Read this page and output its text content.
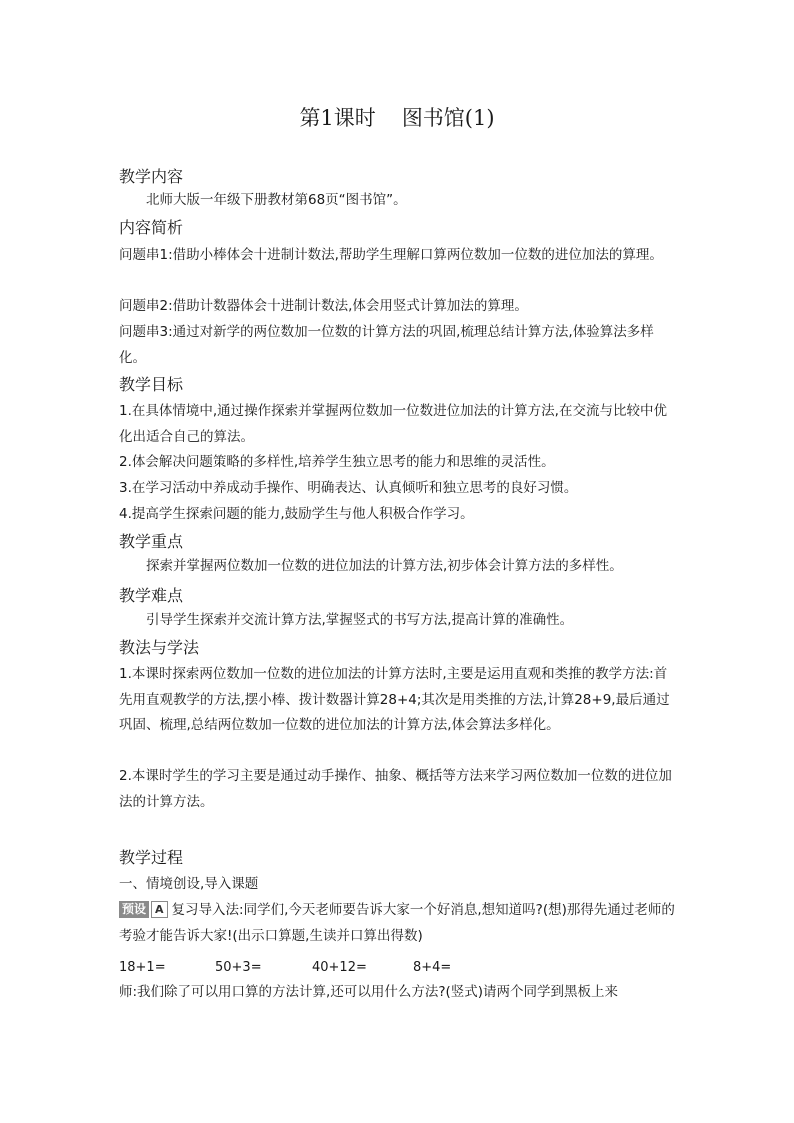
第1课时 图书馆(1)
教学内容

北师大版一年级下册教材第68页“图书馆”。

内容简析

问题串1:借助小棒体会十进制计数法,帮助学生理解口算两位数加一位数的进位加法的算理。

问题串2:借助计数器体会十进制计数法,体会用竖式计算加法的算理。

问题串3:通过对新学的两位数加一位数的计算方法的巩固,梳理总结计算方法,体验算法多样化。

教学目标

1.在具体情境中,通过操作探索并掌握两位数加一位数进位加法的计算方法,在交流与比较中优化出适合自己的算法。

2.体会解决问题策略的多样性,培养学生独立思考的能力和思维的灵活性。

3.在学习活动中养成动手操作、明确表达、认真倾听和独立思考的良好习惯。

4.提高学生探索问题的能力,鼓励学生与他人积极合作学习。

教学重点

探索并掌握两位数加一位数的进位加法的计算方法,初步体会计算方法的多样性。

教学难点

引导学生探索并交流计算方法,掌握竖式的书写方法,提高计算的准确性。

教法与学法

1.本课时探索两位数加一位数的进位加法的计算方法时,主要是运用直观和类推的教学方法:首先用直观教学的方法,摆小棒、拨计数器计算28+4;其次是用类推的方法,计算28+9,最后通过巩固、梳理,总结两位数加一位数的进位加法的计算方法,体会算法多样化。

2.本课时学生的学习主要是通过动手操作、抽象、概括等方法来学习两位数加一位数的进位加法的计算方法。

教学过程

一、情境创设,导入课题

预设 A 复习导入法:同学们,今天老师要告诉大家一个好消息,想知道吗?(想)那得先通过老师的考验才能告诉大家!(出示口算题,生读并口算出得数)

18+1=	50+3=	40+12=	8+4=

师:我们除了可以用口算的方法计算,还可以用什么方法?(竖式)请两个同学到黑板上来
